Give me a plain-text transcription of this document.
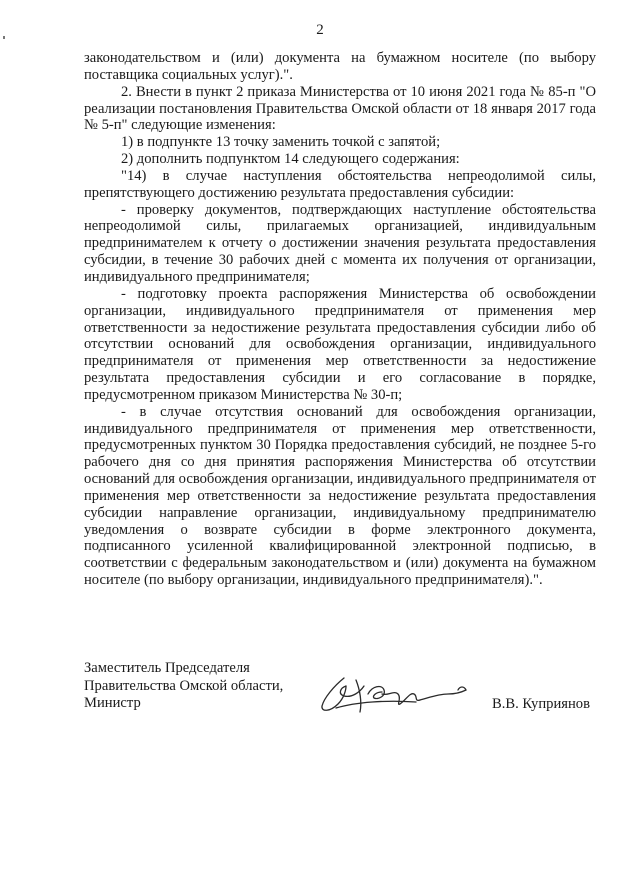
2

законодательством и (или) документа на бумажном носителе (по выбору поставщика социальных услуг).".

2. Внести в пункт 2 приказа Министерства от 10 июня 2021 года № 85-п "О реализации постановления Правительства Омской области от 18 января 2017 года № 5-п" следующие изменения:

1) в подпункте 13 точку заменить точкой с запятой;

2) дополнить подпунктом 14 следующего содержания:

"14) в случае наступления обстоятельства непреодолимой силы, препятствующего достижению результата предоставления субсидии:

- проверку документов, подтверждающих наступление обстоятельства непреодолимой силы, прилагаемых организацией, индивидуальным предпринимателем к отчету о достижении значения результата предоставления субсидии, в течение 30 рабочих дней с момента их получения от организации, индивидуального предпринимателя;

- подготовку проекта распоряжения Министерства об освобождении организации, индивидуального предпринимателя от применения мер ответственности за недостижение результата предоставления субсидии либо об отсутствии оснований для освобождения организации, индивидуального предпринимателя от применения мер ответственности за недостижение результата предоставления субсидии и его согласование в порядке, предусмотренном приказом Министерства № 30-п;

- в случае отсутствия оснований для освобождения организации, индивидуального предпринимателя от применения мер ответственности, предусмотренных пунктом 30 Порядка предоставления субсидий, не позднее 5-го рабочего дня со дня принятия распоряжения Министерства об отсутствии оснований для освобождения организации, индивидуального предпринимателя от применения мер ответственности за недостижение результата предоставления субсидии направление организации, индивидуальному предпринимателю уведомления о возврате субсидии в форме электронного документа, подписанного усиленной квалифицированной электронной подписью, в соответствии с федеральным законодательством и (или) документа на бумажном носителе (по выбору организации, индивидуального предпринимателя).".

Заместитель Председателя
Правительства Омской области,
Министр	В.В. Куприянов
